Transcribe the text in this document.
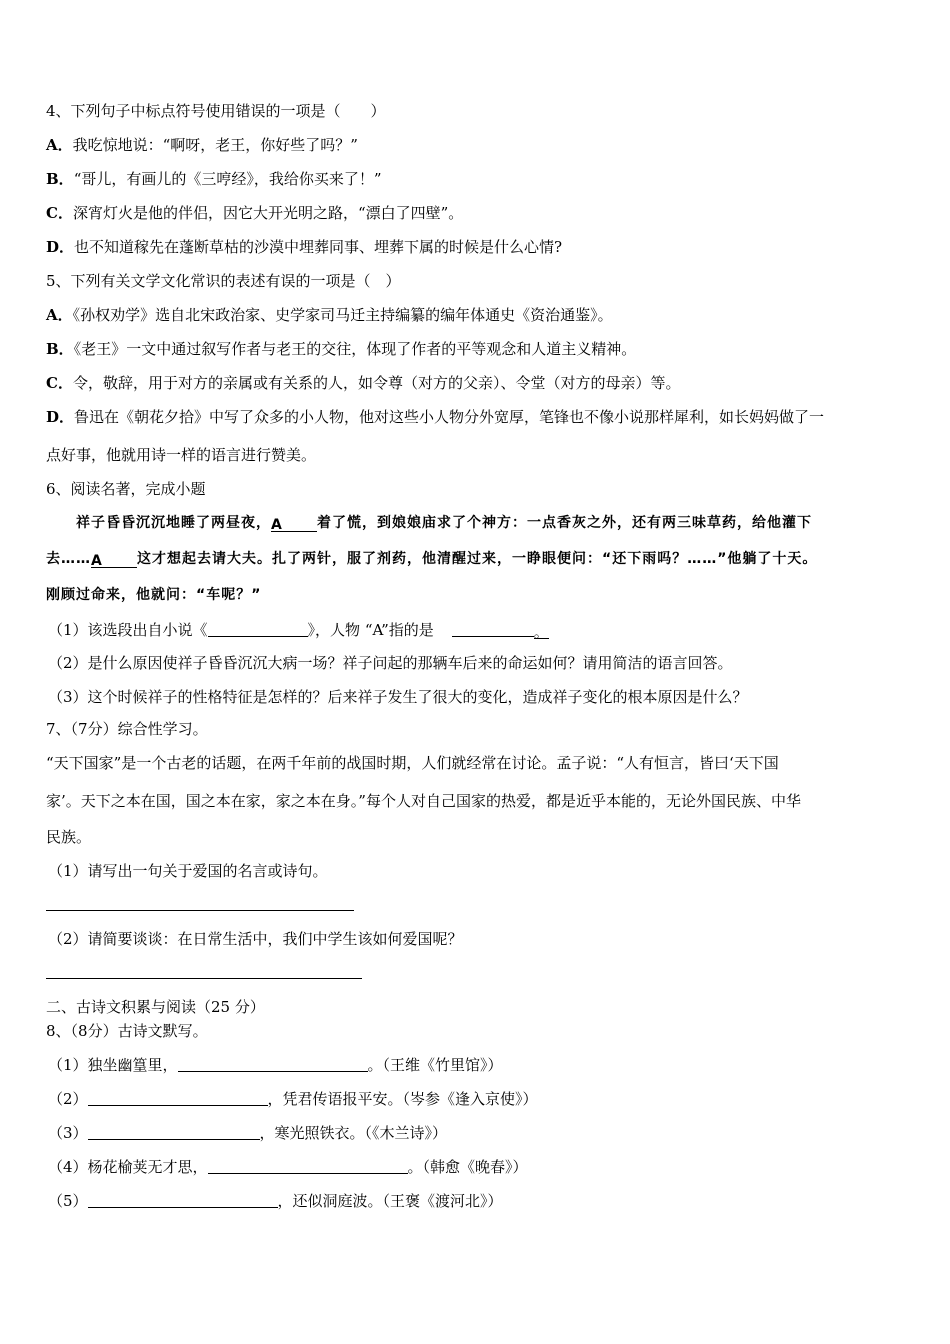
4、下列句子中标点符号使用错误的一项是（　　）
A．我吃惊地说：“啊呀，老王，你好些了吗？”
B．“哥儿，有画儿的《三哼经》，我给你买来了！”
C．深宵灯火是他的伴侣，因它大开光明之路，“漂白了四壁”。
D．也不知道稼先在蓬断草枯的沙漠中埋葬同事、埋葬下属的时候是什么心情?
5、下列有关文学文化常识的表述有误的一项是（　）
A．《孙权劝学》选自北宋政治家、史学家司马迁主持编纂的编年体通史《资治通鉴》。
B．《老王》一文中通过叙写作者与老王的交往，体现了作者的平等观念和人道主义精神。
C．令，敬辞，用于对方的亲属或有关系的人，如令尊（对方的父亲）、令堂（对方的母亲）等。
D．鲁迅在《朝花夕拾》中写了众多的小人物，他对这些小人物分外宽厚，笔锋也不像小说那样犀利，如长妈妈做了一
点好事，他就用诗一样的语言进行赞美。
6、阅读名著，完成小题
祥子昏昏沉沉地睡了两昼夜，A 着了慌，到娘娘庙求了个神方：一点香灰之外，还有两三味草药，给他灌下
去……A 这才想起去请大夫。扎了两针，服了剂药，他清醒过来，一睁眼便问：“还下雨吗？……”他躺了十天。
刚顾过命来，他就问：“车呢？”
（1）该选段出自小说《	》，人物 “A”指的是	。
（2）是什么原因使祥子昏昏沉沉大病一场？祥子问起的那辆车后来的命运如何？请用简洁的语言回答。
（3）这个时候祥子的性格特征是怎样的？后来祥子发生了很大的变化，造成祥子变化的根本原因是什么？
7、（7分）综合性学习。
“天下国家”是一个古老的话题，在两千年前的战国时期，人们就经常在讨论。孟子说：“人有恒言，皆曰‘天下国
家’。天下之本在国，国之本在家，家之本在身。”每个人对自己国家的热爱，都是近乎本能的，无论外国民族、中华
民族。
（1）请写出一句关于爱国的名言或诗句。
（2）请简要谈谈：在日常生活中，我们中学生该如何爱国呢？
二、古诗文积累与阅读（25 分）
8、（8分）古诗文默写。
（1）独坐幽篁里，	。（王维《竹里馆》）
（2）	，凭君传语报平安。（岑参《逢入京使》）
（3）	，寒光照铁衣。（《木兰诗》）
（4）杨花榆荚无才思，	。（韩愈《晚春》）
（5）	，还似洞庭波。（王褒《渡河北》）
